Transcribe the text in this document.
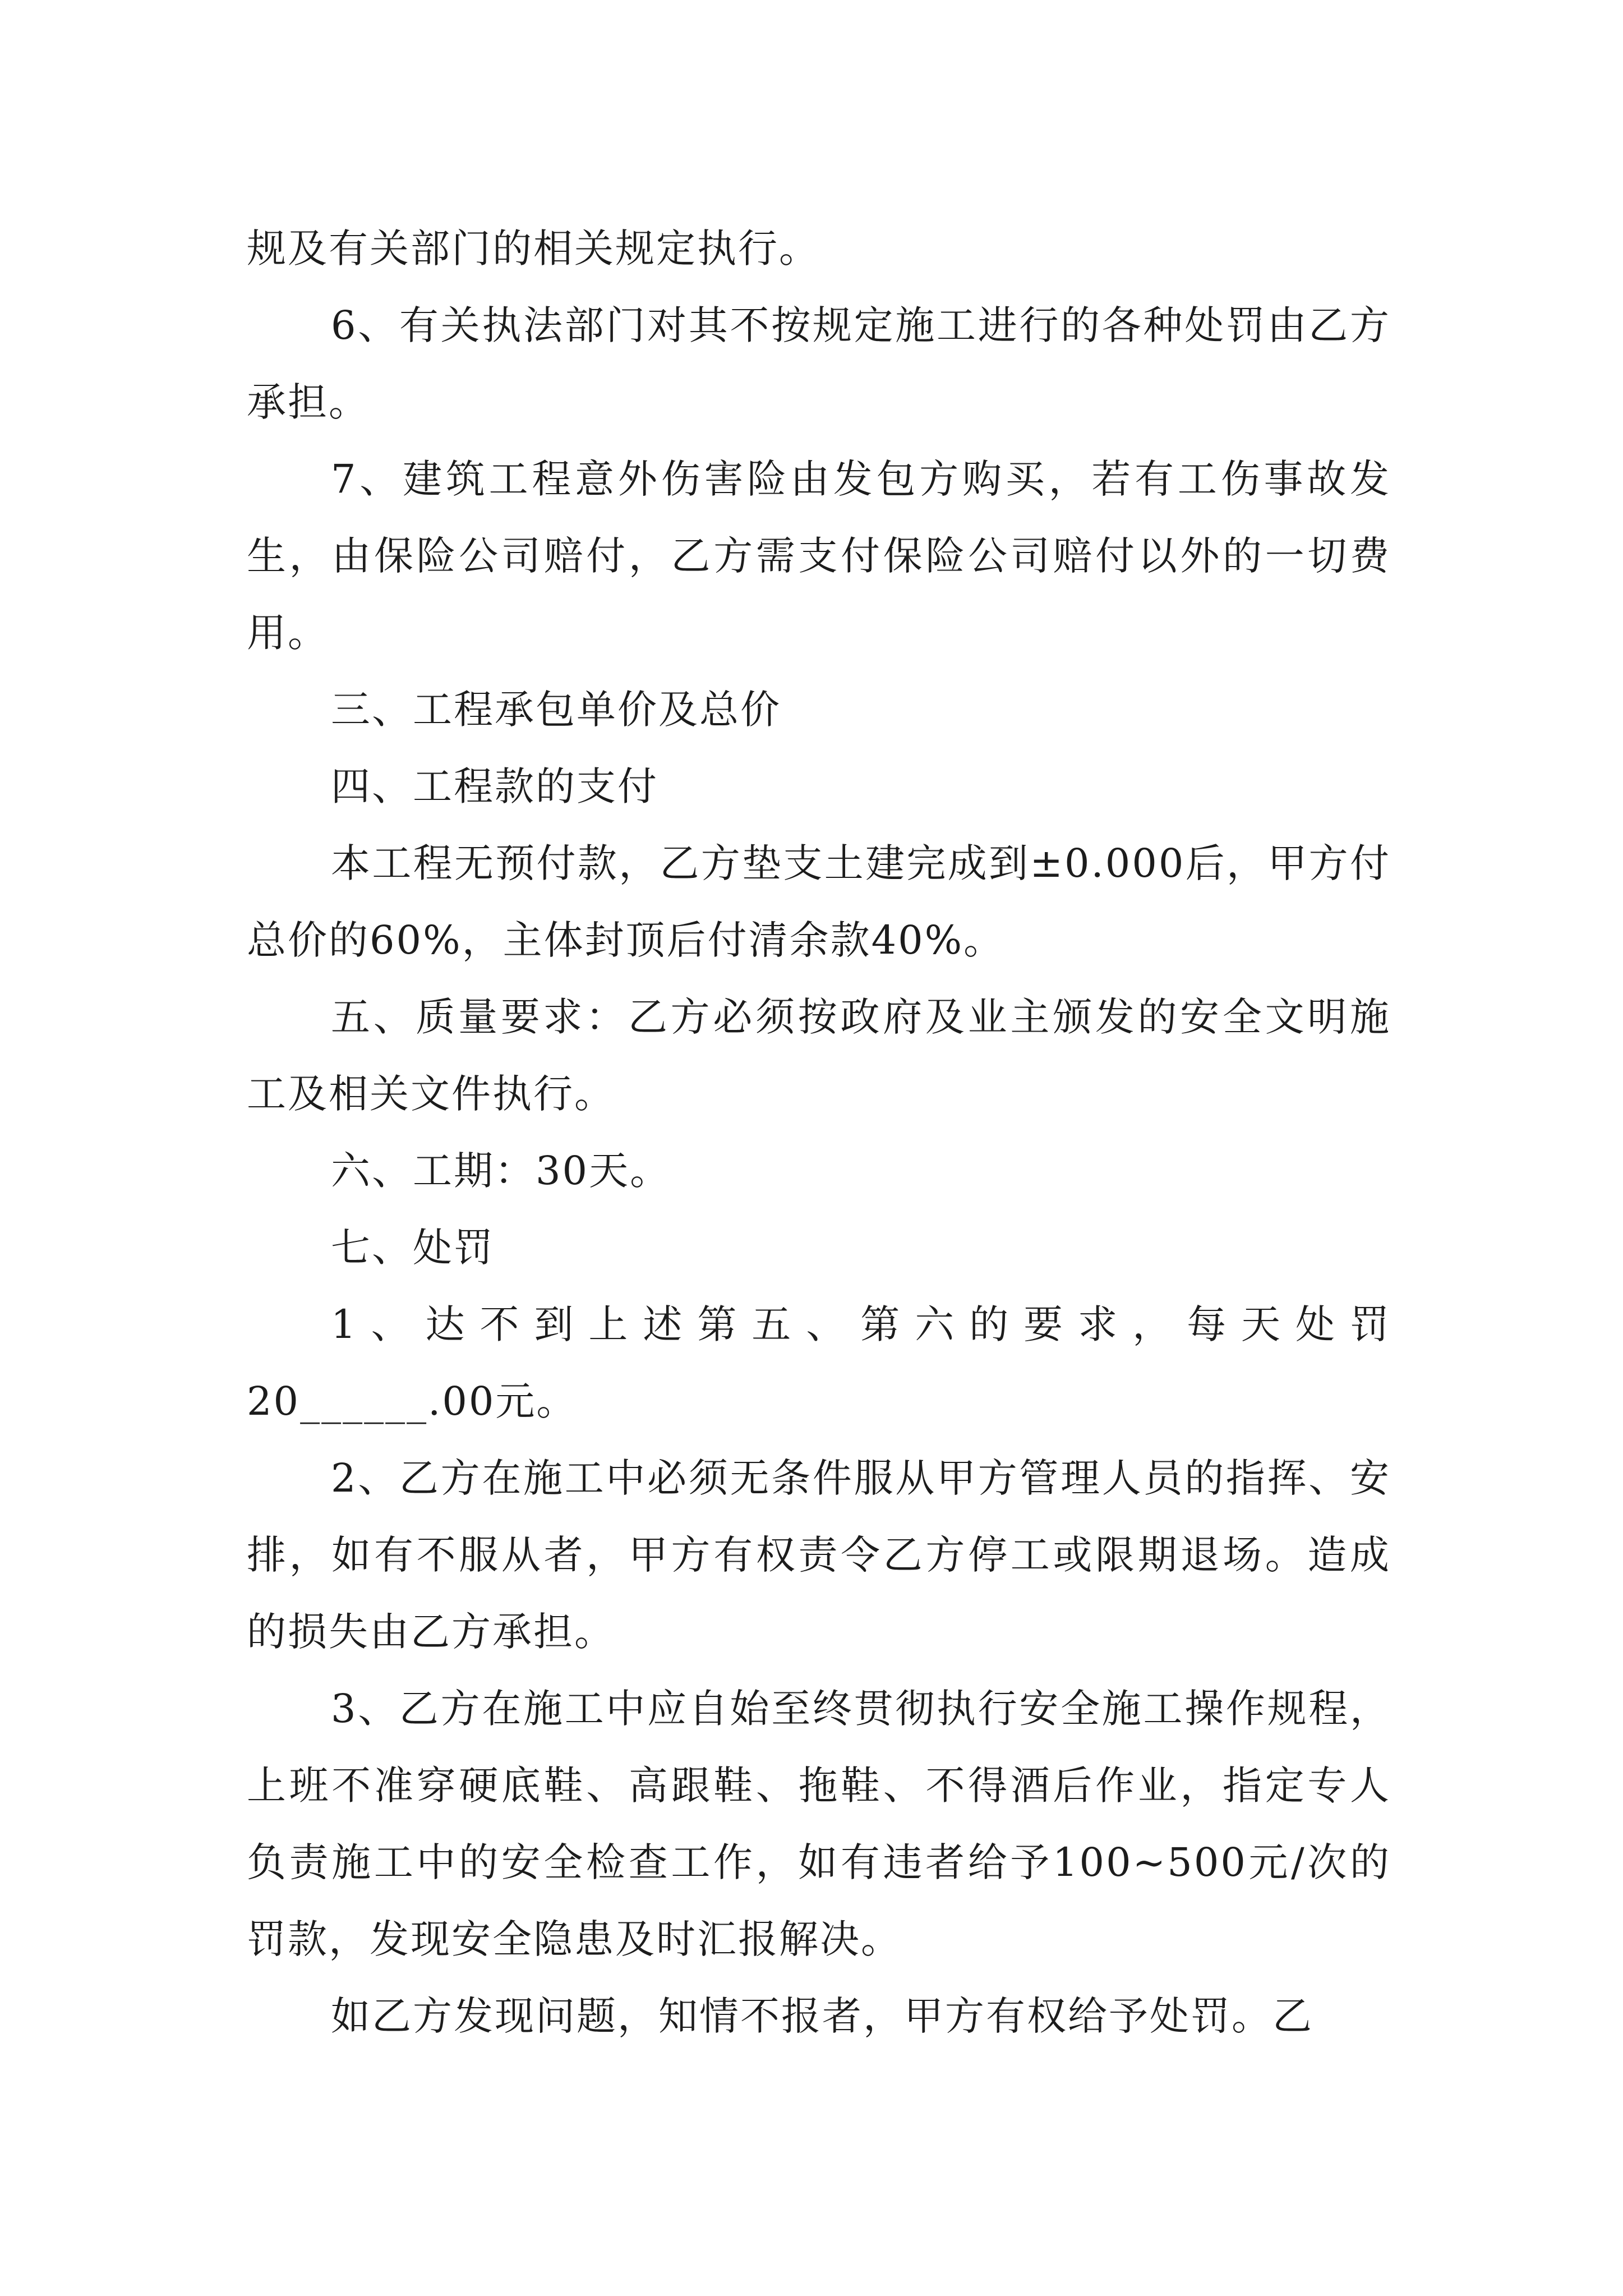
规及有关部门的相关规定执行。

6、有关执法部门对其不按规定施工进行的各种处罚由乙方承担。

7、建筑工程意外伤害险由发包方购买，若有工伤事故发生，由保险公司赔付，乙方需支付保险公司赔付以外的一切费用。

三、工程承包单价及总价

四、工程款的支付

本工程无预付款，乙方垫支土建完成到±0.000后，甲方付总价的60%，主体封顶后付清余款40%。

五、质量要求：乙方必须按政府及业主颁发的安全文明施工及相关文件执行。

六、工期：30天。

七、处罚

1、达不到上述第五、第六的要求，每天处罚

20______.00元。

2、乙方在施工中必须无条件服从甲方管理人员的指挥、安排，如有不服从者，甲方有权责令乙方停工或限期退场。造成的损失由乙方承担。

3、乙方在施工中应自始至终贯彻执行安全施工操作规程，上班不准穿硬底鞋、高跟鞋、拖鞋、不得酒后作业，指定专人负责施工中的安全检查工作，如有违者给予100~500元/次的罚款，发现安全隐患及时汇报解决。

如乙方发现问题，知情不报者，甲方有权给予处罚。乙
